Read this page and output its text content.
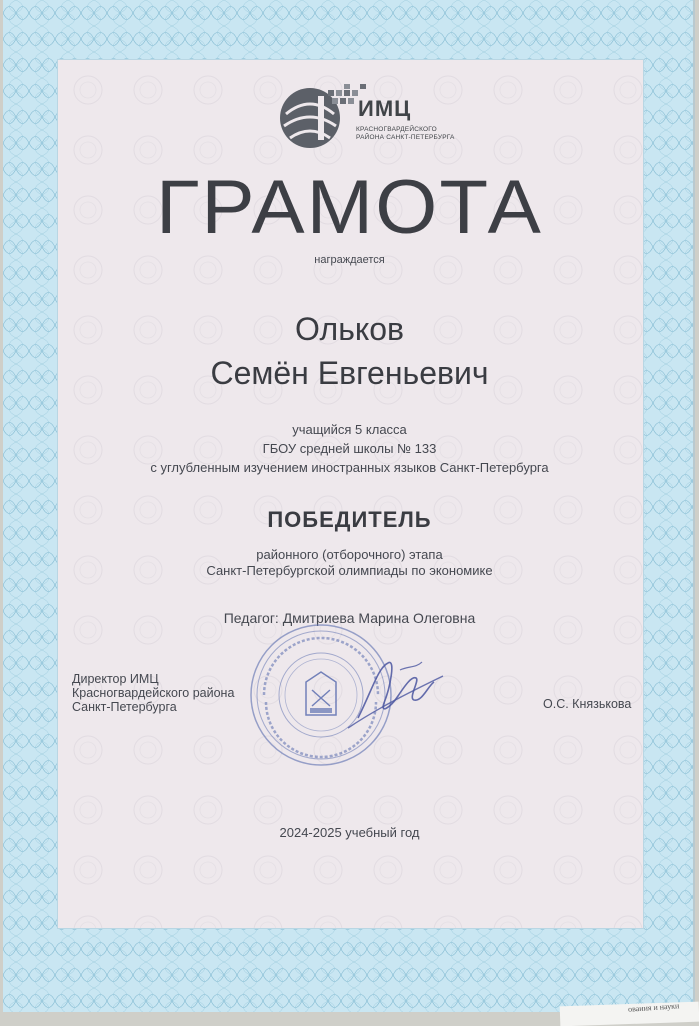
ИМЦ
КРАСНОГВАРДЕЙСКОГО
РАЙОНА САНКТ-ПЕТЕРБУРГА
ГРАМОТА
награждается
Ольков
Семён Евгеньевич
учащийся 5 класса
ГБОУ средней школы № 133
с углубленным изучением иностранных языков Санкт-Петербурга
ПОБЕДИТЕЛЬ
районного (отборочного) этапа
Санкт-Петербургской олимпиады по экономике
Педагог: Дмитриева Марина Олеговна
Директор ИМЦ
Красногвардейского района
Санкт-Петербурга	О.С. Князькова
2024-2025 учебный год
ования и науки
